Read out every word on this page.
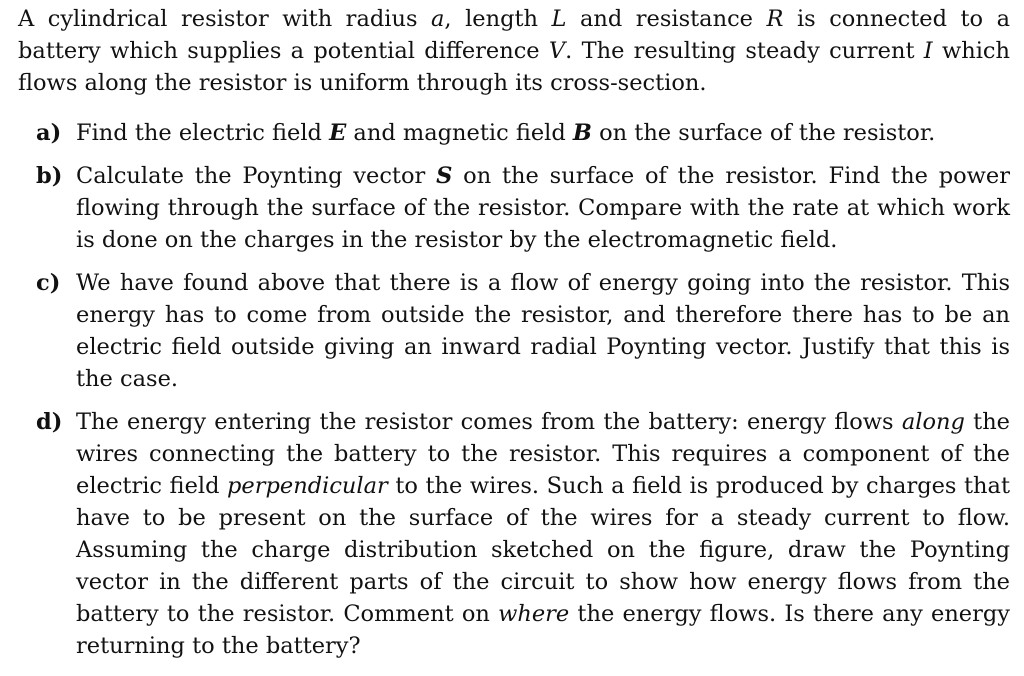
A cylindrical resistor with radius a, length L and resistance R is connected to a battery which supplies a potential difference V. The resulting steady current I which flows along the resistor is uniform through its cross-section.

a) Find the electric field E and magnetic field B on the surface of the resistor.

b) Calculate the Poynting vector S on the surface of the resistor. Find the power flowing through the surface of the resistor. Compare with the rate at which work is done on the charges in the resistor by the electromagnetic field.

c) We have found above that there is a flow of energy going into the resistor. This energy has to come from outside the resistor, and therefore there has to be an electric field outside giving an inward radial Poynting vector. Justify that this is the case.

d) The energy entering the resistor comes from the battery: energy flows along the wires connecting the battery to the resistor. This requires a component of the electric field perpendicular to the wires. Such a field is produced by charges that have to be present on the surface of the wires for a steady current to flow. Assuming the charge distribution sketched on the figure, draw the Poynting vector in the different parts of the circuit to show how energy flows from the battery to the resistor. Comment on where the energy flows. Is there any energy returning to the battery?
